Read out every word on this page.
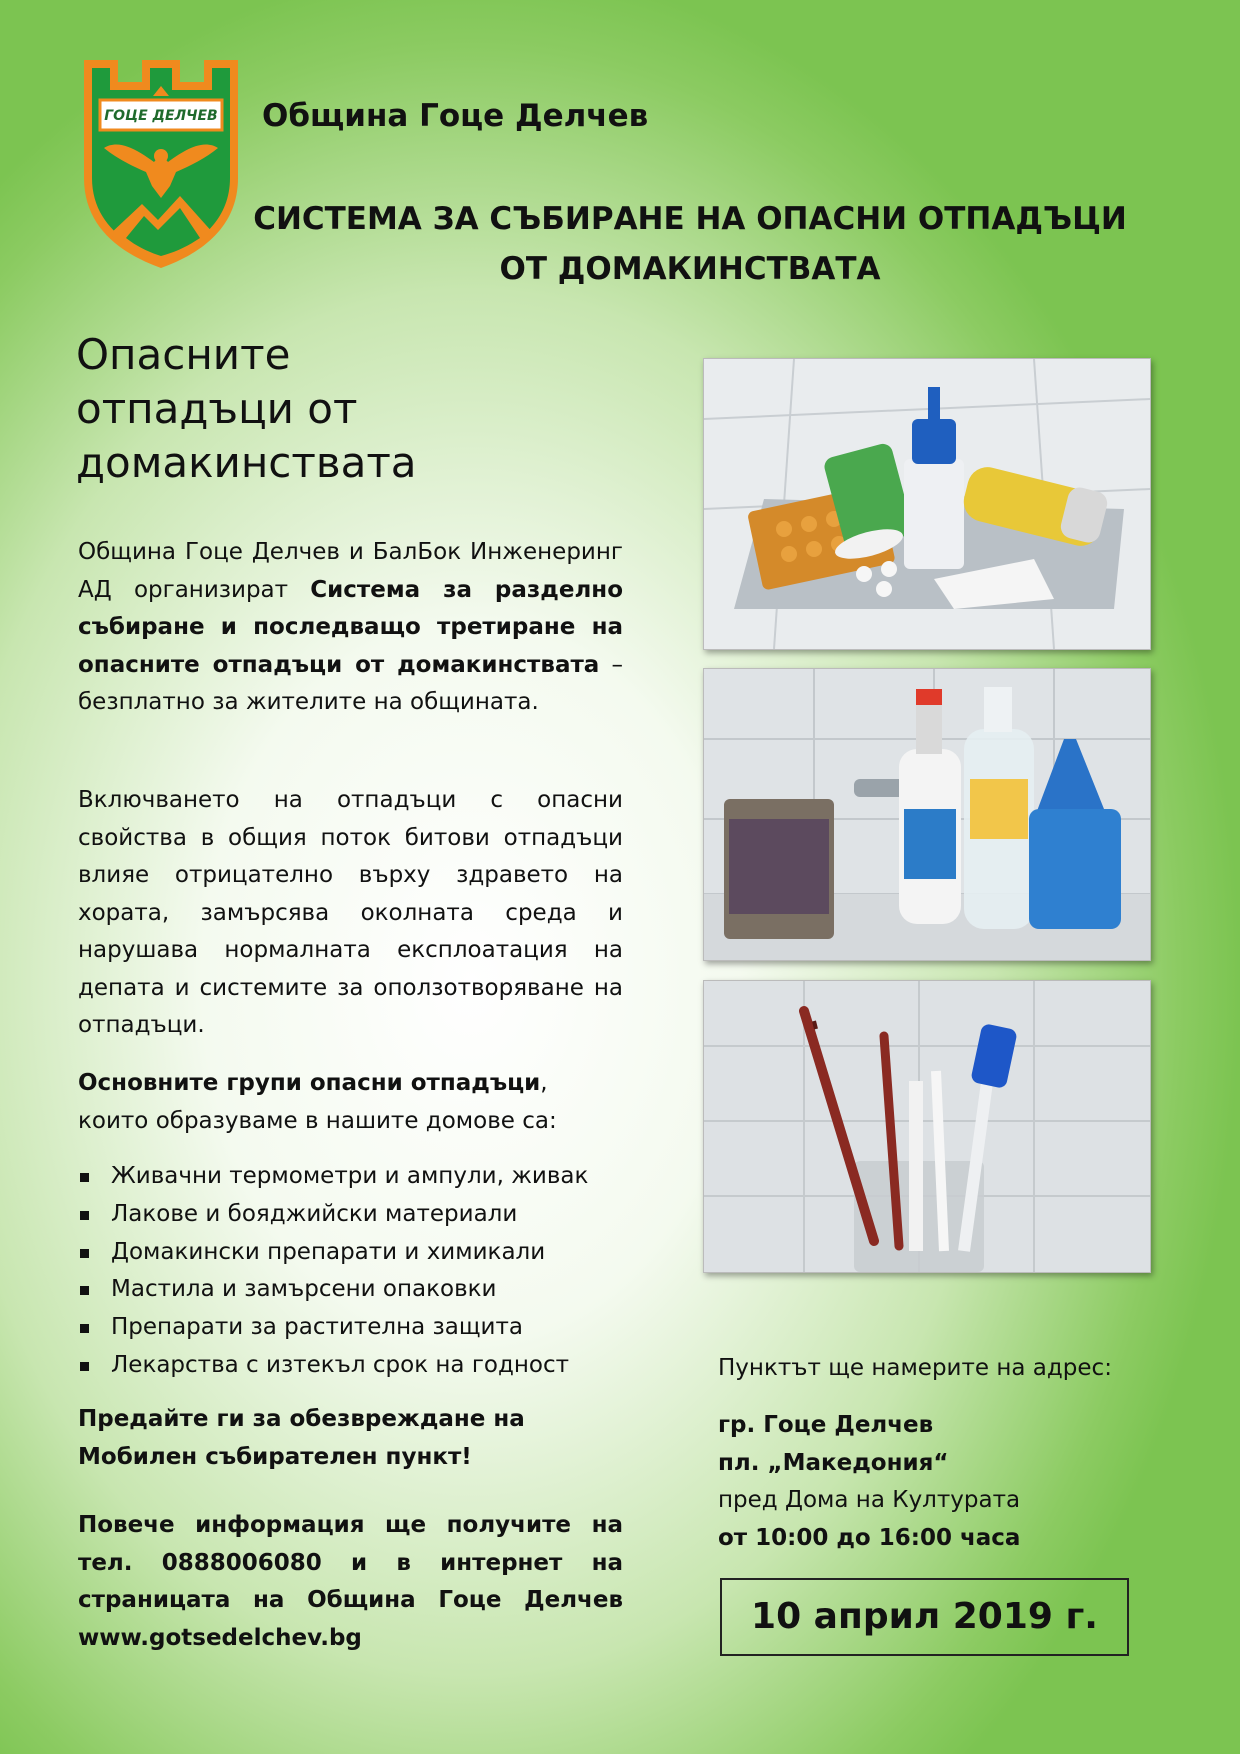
ГОЦЕ ДЕЛЧЕВ Община Гоце Делчев
СИСТЕМА ЗА СЪБИРАНЕ НА ОПАСНИ ОТПАДЪЦИ
ОТ ДОМАКИНСТВАТА
Опасните
отпадъци от
домакинствата
Община Гоце Делчев и БалБок Инженеринг АД организират Система за разделно събиране и последващо третиране на опасните отпадъци от домакинствата – безплатно за жителите на общината.
Включването на отпадъци с опасни свойства в общия поток битови отпадъци влияе отрицателно върху здравето на хората, замърсява околната среда и нарушава нормалната експлоатация на депата и системите за оползотворяване на отпадъци.
Основните групи опасни отпадъци, които образуваме в нашите домове са:
Живачни термометри и ампули, живак
Лакове и бояджийски материали
Домакински препарати и химикали
Мастила и замърсени опаковки
Препарати за растителна защита
Лекарства с изтекъл срок на годност
Предайте ги за обезвреждане на
Мобилен събирателен пункт!
Повече информация ще получите на
тел. 0888006080 и в интернет на
страницата на Община Гоце Делчев
www.gotsedelchev.bg
Пунктът ще намерите на адрес:
гр. Гоце Делчев
пл. „Македония“
пред Дома на Културата
от 10:00 до 16:00 часа
10 април 2019 г.
